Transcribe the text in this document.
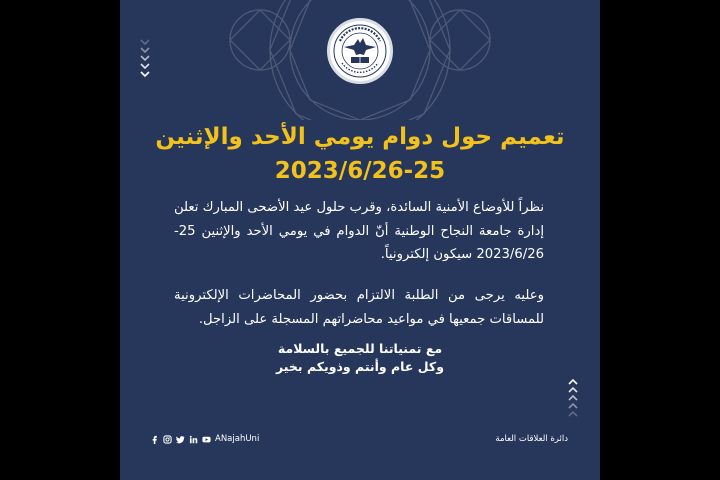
تعميم حول دوام يومي الأحد والإثنين
2023/6/26-25
نظراً للأوضاع الأمنية السائدة، وقرب حلول عيد الأضحى المبارك تعلن إدارة جامعة النجاح الوطنية أنّ الدوام في يومي الأحد والإثنين 25-2023/6/26 سيكون إلكترونياً.
وعليه يرجى من الطلبة الالتزام بحضور المحاضرات الإلكترونية للمساقات جمعيها في مواعيد محاضراتهم المسجلة على الزاجل.
مع تمنياتنا للجميع بالسلامة
وكل عام وأنتم وذويكم بخير
ANajahUni	دائرة العلاقات العامة
